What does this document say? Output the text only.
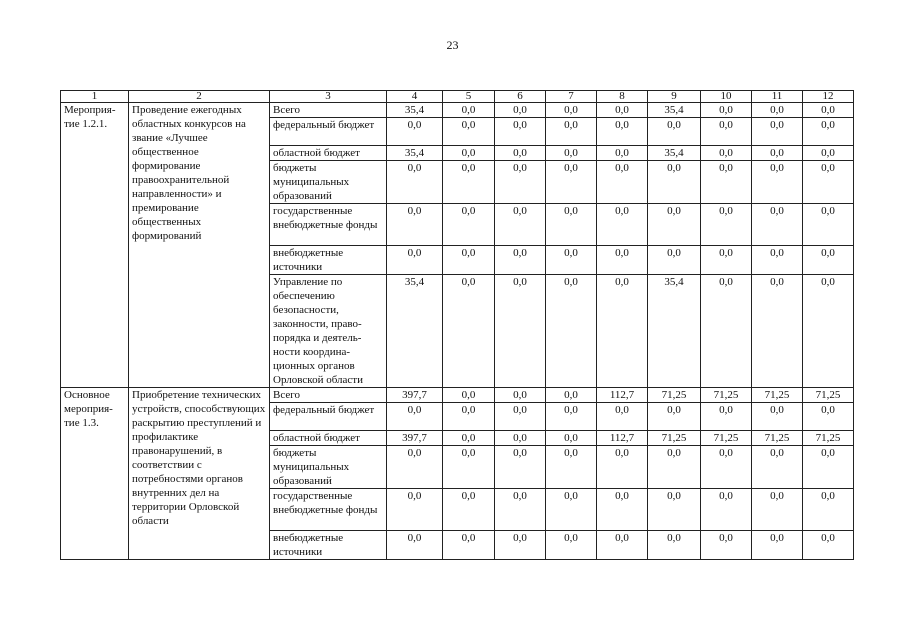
23
1	2	3	4	5	6	7	8	9	10	11	12
Мероприя-тие 1.2.1.	Проведение ежегодных областных конкурсов на звание «Лучшее общественное формирование правоохранительной направленности» и премирование общественных формирований	Всего	35,4	0,0	0,0	0,0	0,0	35,4	0,0	0,0	0,0
		федеральный бюджет	0,0	0,0	0,0	0,0	0,0	0,0	0,0	0,0	0,0
		областной бюджет	35,4	0,0	0,0	0,0	0,0	35,4	0,0	0,0	0,0
		бюджеты муниципальных образований	0,0	0,0	0,0	0,0	0,0	0,0	0,0	0,0	0,0
		государственные внебюджетные фонды	0,0	0,0	0,0	0,0	0,0	0,0	0,0	0,0	0,0
		внебюджетные источники	0,0	0,0	0,0	0,0	0,0	0,0	0,0	0,0	0,0
		Управление по обеспечению безопасности, законности, право-порядка и деятель-ности координа-ционных органов Орловской области	35,4	0,0	0,0	0,0	0,0	35,4	0,0	0,0	0,0
Основное мероприя-тие 1.3.	Приобретение технических устройств, способствующих раскрытию преступлений и профилактике правонарушений, в соответствии с потребностями органов внутренних дел на территории Орловской области	Всего	397,7	0,0	0,0	0,0	112,7	71,25	71,25	71,25	71,25
		федеральный бюджет	0,0	0,0	0,0	0,0	0,0	0,0	0,0	0,0	0,0
		областной бюджет	397,7	0,0	0,0	0,0	112,7	71,25	71,25	71,25	71,25
		бюджеты муниципальных образований	0,0	0,0	0,0	0,0	0,0	0,0	0,0	0,0	0,0
		государственные внебюджетные фонды	0,0	0,0	0,0	0,0	0,0	0,0	0,0	0,0	0,0
		внебюджетные источники	0,0	0,0	0,0	0,0	0,0	0,0	0,0	0,0	0,0
